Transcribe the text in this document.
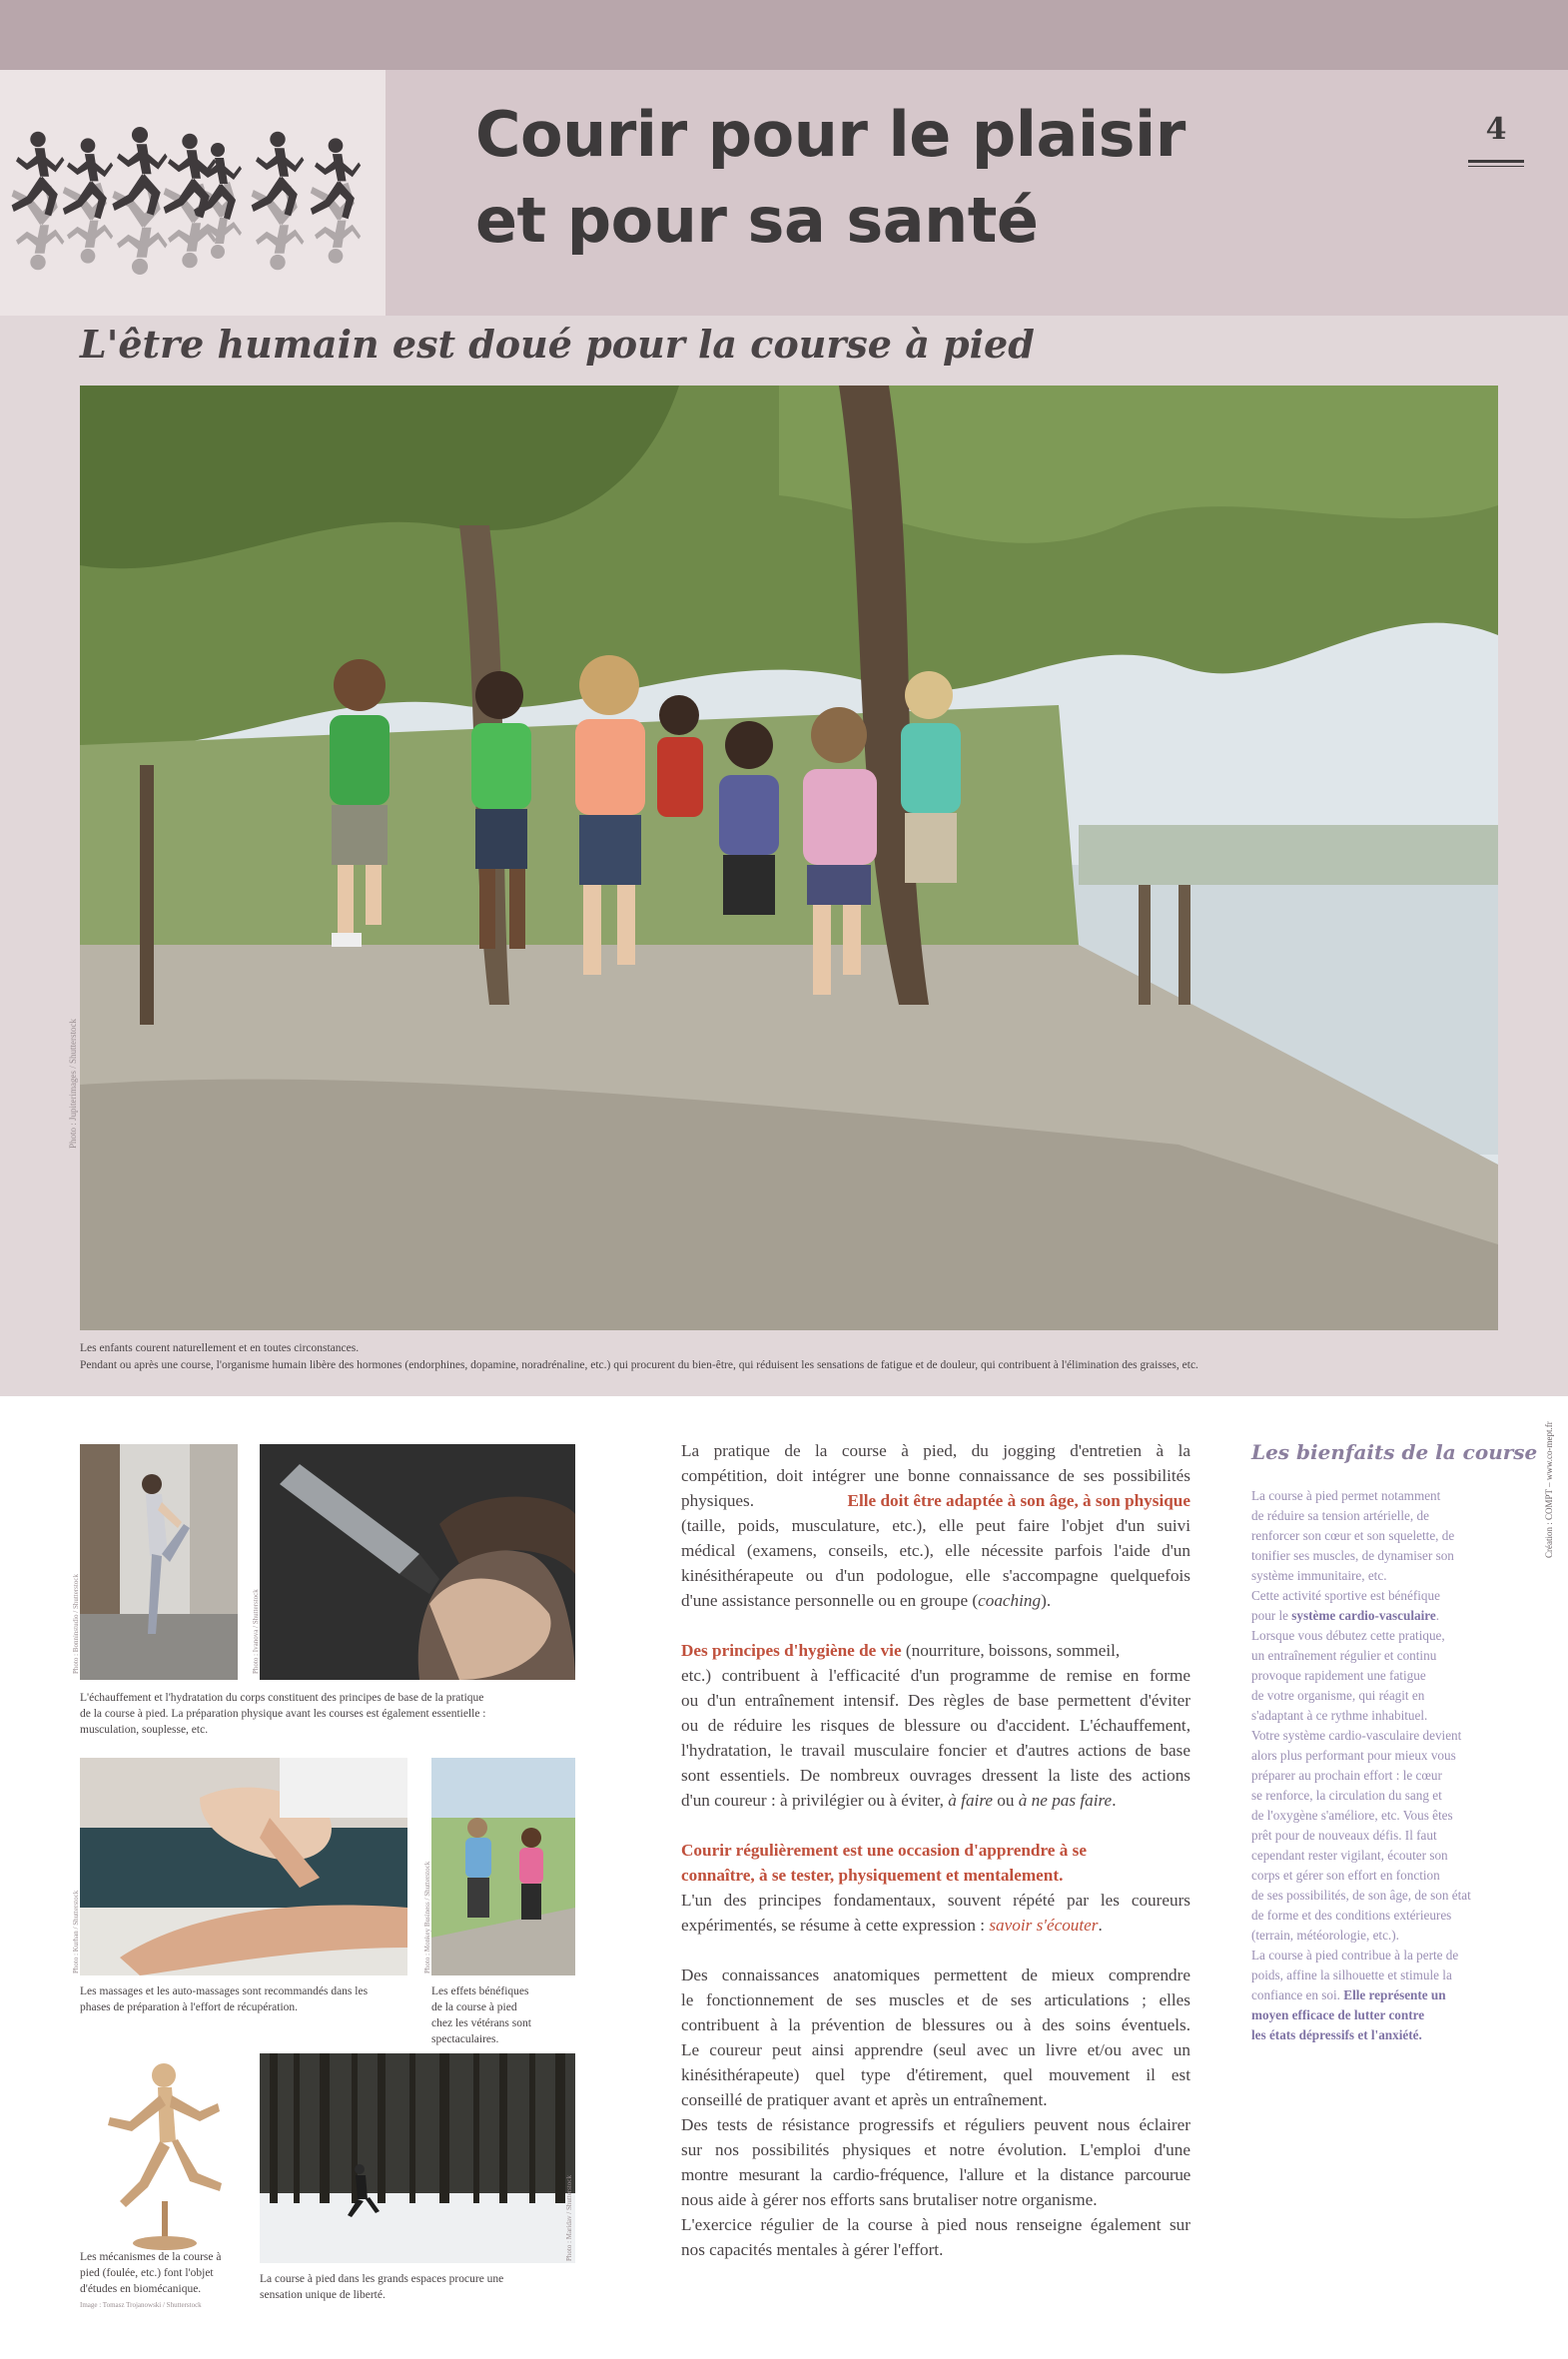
Courir pour le plaisir
et pour sa santé
4
L'être humain est doué pour la course à pied
Photo : Jupiterimages / Shutterstock
Les enfants courent naturellement et en toutes circonstances.
Pendant ou après une course, l'organisme humain libère des hormones (endorphines, dopamine, noradrénaline, etc.) qui procurent du bien-être, qui réduisent les sensations de fatigue et de douleur, qui contribuent à l'élimination des graisses, etc.
Création : COMPT – www.co-mept.fr
Photo : Bonninstudio / Shutterstock	Photo : Ivanova / Shutterstock
L'échauffement et l'hydratation du corps constituent des principes de base de la pratique
de la course à pied. La préparation physique avant les courses est également essentielle :
musculation, souplesse, etc.
Photo : Kurhan / Shutterstock
Les massages et les auto-massages sont recommandés dans les
phases de préparation à l'effort de récupération.
Photo : Monkey Business / Shutterstock
Les effets bénéfiques
de la course à pied
chez les vétérans sont
spectaculaires.
Les mécanismes de la course à
pied (foulée, etc.) font l'objet
d'études en biomécanique.
Image : Tomasz Trojanowski / Shutterstock
Photo : Maridav / Shutterstock
La course à pied dans les grands espaces procure une
sensation unique de liberté.

La pratique de la course à pied, du jogging d'entretien à la
compétition, doit intégrer une bonne connaissance de ses possibilités
physiques.	Elle doit être adaptée à son âge, à son physique
(taille, poids, musculature, etc.), elle peut faire l'objet d'un suivi
médical (examens, conseils, etc.), elle nécessite parfois l'aide d'un
kinésithérapeute ou d'un podologue, elle s'accompagne quelquefois
d'une assistance personnelle ou en groupe (coaching).

Des principes d'hygiène de vie (nourriture, boissons, sommeil,
etc.) contribuent à l'efficacité d'un programme de remise en forme
ou d'un entraînement intensif. Des règles de base permettent d'éviter
ou de réduire les risques de blessure ou d'accident. L'échauffement,
l'hydratation, le travail musculaire foncier et d'autres actions de base
sont essentiels. De nombreux ouvrages dressent la liste des actions
d'un coureur : à privilégier ou à éviter, à faire ou à ne pas faire.

Courir régulièrement est une occasion d'apprendre à se
connaître, à se tester, physiquement et mentalement.
L'un des principes fondamentaux, souvent répété par les coureurs
expérimentés, se résume à cette expression : savoir s'écouter.

Des connaissances anatomiques permettent de mieux comprendre
le fonctionnement de ses muscles et de ses articulations ; elles
contribuent à la prévention de blessures ou à des soins éventuels.
Le coureur peut ainsi apprendre (seul avec un livre et/ou avec un
kinésithérapeute) quel type d'étirement, quel mouvement il est
conseillé de pratiquer avant et après un entraînement.
Des tests de résistance progressifs et réguliers peuvent nous éclairer
sur nos possibilités physiques et notre évolution. L'emploi d'une
montre mesurant la cardio-fréquence, l'allure et la distance parcourue
nous aide à gérer nos efforts sans brutaliser notre organisme.
L'exercice régulier de la course à pied nous renseigne également sur
nos capacités mentales à gérer l'effort.

Les bienfaits de la course
La course à pied permet notamment
de réduire sa tension artérielle, de
renforcer son cœur et son squelette, de
tonifier ses muscles, de dynamiser son
système immunitaire, etc.
Cette activité sportive est bénéfique
pour le système cardio-vasculaire.
Lorsque vous débutez cette pratique,
un entraînement régulier et continu
provoque rapidement une fatigue
de votre organisme, qui réagit en
s'adaptant à ce rythme inhabituel.
Votre système cardio-vasculaire devient
alors plus performant pour mieux vous
préparer au prochain effort : le cœur
se renforce, la circulation du sang et
de l'oxygène s'améliore, etc. Vous êtes
prêt pour de nouveaux défis. Il faut
cependant rester vigilant, écouter son
corps et gérer son effort en fonction
de ses possibilités, de son âge, de son état
de forme et des conditions extérieures
(terrain, météorologie, etc.).
La course à pied contribue à la perte de
poids, affine la silhouette et stimule la
confiance en soi. Elle représente un
moyen efficace de lutter contre
les états dépressifs et l'anxiété.
